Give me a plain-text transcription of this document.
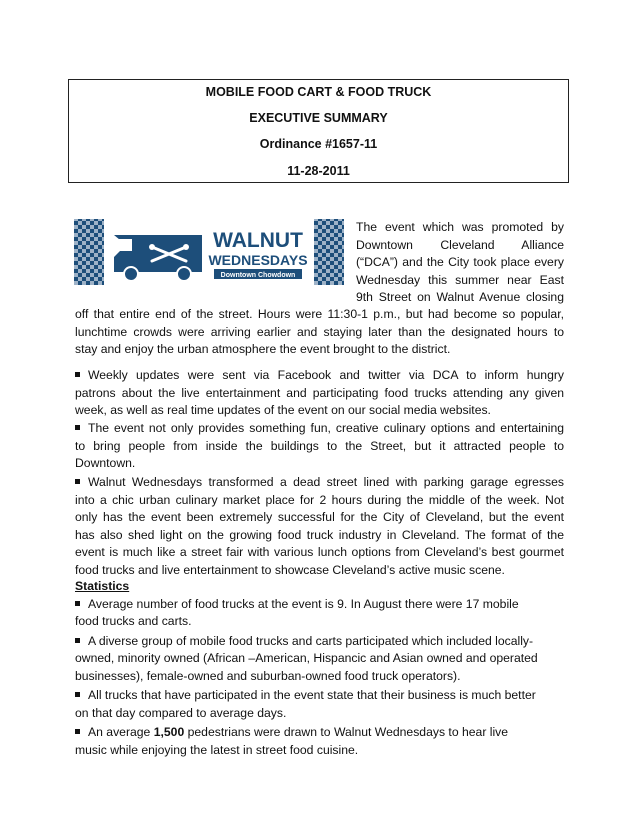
MOBILE FOOD CART & FOOD TRUCK
EXECUTIVE SUMMARY
Ordinance #1657-11
11-28-2011
WALNUT
WEDNESDAYS
Downtown Chowdown
The event which was promoted by
Downtown Cleveland Alliance
(“DCA”) and the City took place every
Wednesday this summer near East
9th Street on Walnut Avenue closing
off that entire end of the street. Hours were 11:30-1 p.m., but had become so popular,
lunchtime crowds were arriving earlier and staying later than the designated hours to
stay and enjoy the urban atmosphere the event brought to the district.
Weekly updates were sent via Facebook and twitter via DCA to inform hungry
patrons about the live entertainment and participating food trucks attending any given
week, as well as real time updates of the event on our social media websites.
The event not only provides something fun, creative culinary options and entertaining
to bring people from inside the buildings to the Street, but it attracted people to
Downtown.
Walnut Wednesdays transformed a dead street lined with parking garage egresses
into a chic urban culinary market place for 2 hours during the middle of the week. Not
only has the event been extremely successful for the City of Cleveland, but the event
has also shed light on the growing food truck industry in Cleveland. The format of the
event is much like a street fair with various lunch options from Cleveland’s best gourmet
food trucks and live entertainment to showcase Cleveland’s active music scene.
Statistics
Average number of food trucks at the event is 9. In August there were 17 mobile
food trucks and carts.
A diverse group of mobile food trucks and carts participated which included locally-
owned, minority owned (African –American, Hispancic and Asian owned and operated
businesses), female-owned and suburban-owned food truck operators).
All trucks that have participated in the event state that their business is much better
on that day compared to average days.
An average 1,500 pedestrians were drawn to Walnut Wednesdays to hear live
music while enjoying the latest in street food cuisine.
